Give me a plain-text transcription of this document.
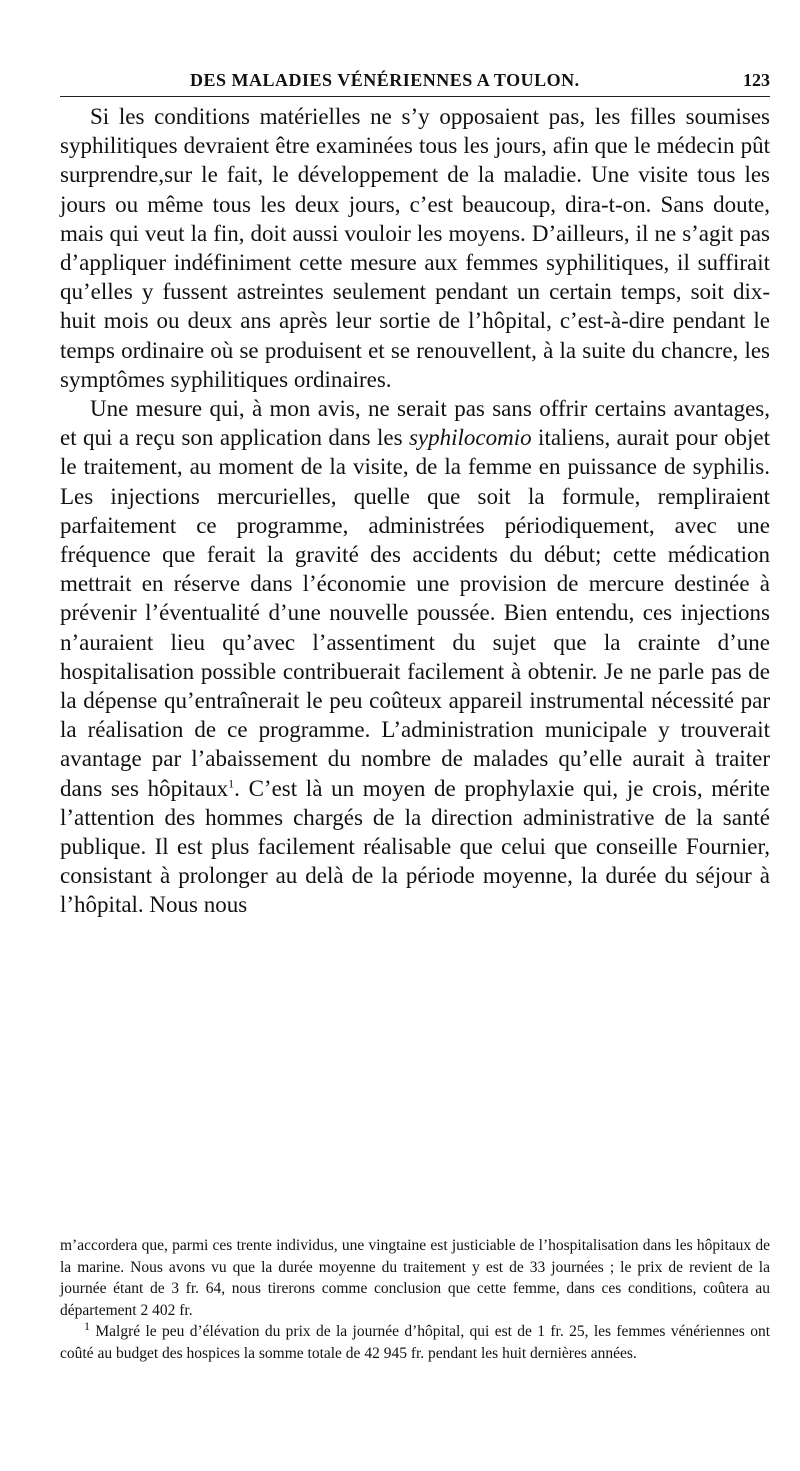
DES MALADIES VÉNÉRIENNES A TOULON.	123

Si les conditions matérielles ne s’y opposaient pas, les filles soumises syphilitiques devraient être examinées tous les jours, afin que le médecin pût surprendre,sur le fait, le développement de la maladie. Une visite tous les jours ou même tous les deux jours, c’est beaucoup, dira-t-on. Sans doute, mais qui veut la fin, doit aussi vouloir les moyens. D’ailleurs, il ne s’agit pas d’appliquer indéfiniment cette mesure aux femmes syphilitiques, il suffirait qu’elles y fussent astreintes seulement pendant un certain temps, soit dix-huit mois ou deux ans après leur sortie de l’hôpital, c’est-à-dire pendant le temps ordinaire où se produisent et se renouvellent, à la suite du chancre, les symptômes syphilitiques ordinaires.

Une mesure qui, à mon avis, ne serait pas sans offrir certains avantages, et qui a reçu son application dans les syphilocomio italiens, aurait pour objet le traitement, au moment de la visite, de la femme en puissance de syphilis. Les injections mercurielles, quelle que soit la formule, rempliraient parfaitement ce programme, administrées périodiquement, avec une fréquence que ferait la gravité des accidents du début; cette médication mettrait en réserve dans l’économie une provision de mercure destinée à prévenir l’éventualité d’une nouvelle poussée. Bien entendu, ces injections n’auraient lieu qu’avec l’assentiment du sujet que la crainte d’une hospitalisation possible contribuerait facilement à obtenir. Je ne parle pas de la dépense qu’entraînerait le peu coûteux appareil instrumental nécessité par la réalisation de ce programme. L’administration municipale y trouverait avantage par l’abaissement du nombre de malades qu’elle aurait à traiter dans ses hôpitaux$^1$. C’est là un moyen de prophylaxie qui, je crois, mérite l’attention des hommes chargés de la direction administrative de la santé publique. Il est plus facilement réalisable que celui que conseille Fournier, consistant à prolonger au delà de la période moyenne, la durée du séjour à l’hôpital. Nous nous

m’accordera que, parmi ces trente individus, une vingtaine est justiciable de l’hospitalisation dans les hôpitaux de la marine. Nous avons vu que la durée moyenne du traitement y est de 33 journées ; le prix de revient de la journée étant de 3 fr. 64, nous tirerons comme conclusion que cette femme, dans ces conditions, coûtera au département 2 402 fr.

$^1$ Malgré le peu d’élévation du prix de la journée d’hôpital, qui est de 1 fr. 25, les femmes vénériennes ont coûté au budget des hospices la somme totale de 42 945 fr. pendant les huit dernières années.
